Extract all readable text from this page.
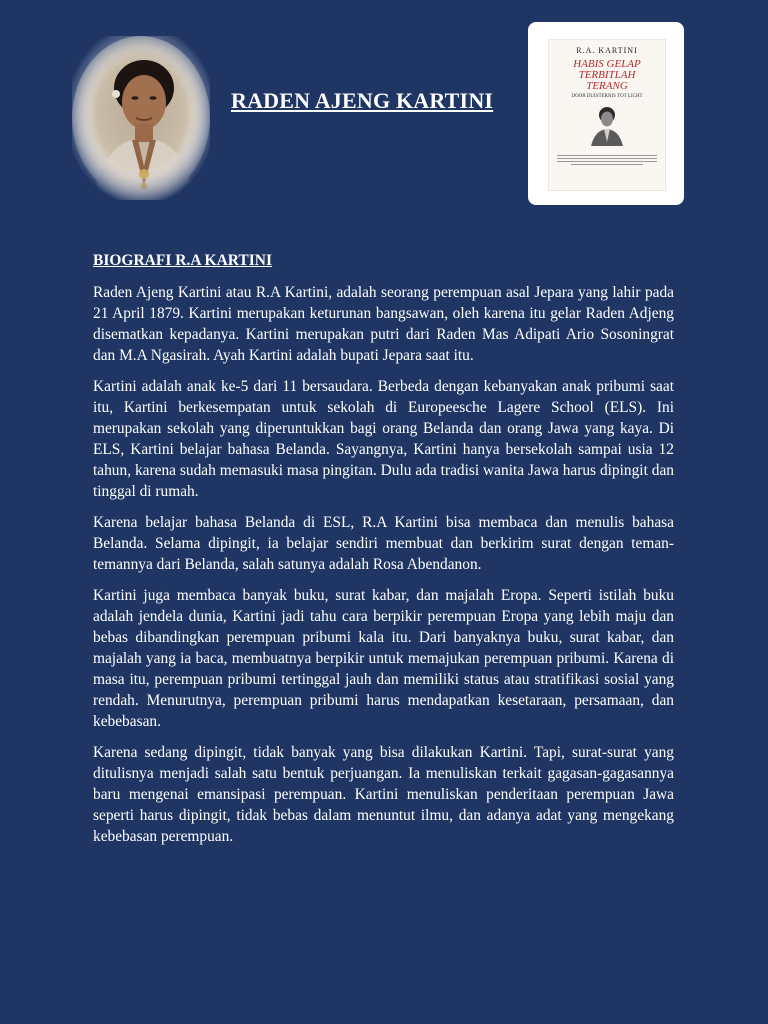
RADEN AJENG KARTINI
R.A. KARTINI
HABIS GELAP
TERBITLAH
TERANG
DOOR DUISTERNIS TOT LICHT
BIOGRAFI R.A KARTINI

Raden Ajeng Kartini atau R.A Kartini, adalah seorang perempuan asal Jepara yang lahir pada 21 April 1879. Kartini merupakan keturunan bangsawan, oleh karena itu gelar Raden Adjeng disematkan kepadanya. Kartini merupakan putri dari Raden Mas Adipati Ario Sosoningrat dan M.A Ngasirah. Ayah Kartini adalah bupati Jepara saat itu.

Kartini adalah anak ke-5 dari 11 bersaudara. Berbeda dengan kebanyakan anak pribumi saat itu, Kartini berkesempatan untuk sekolah di Europeesche Lagere School (ELS). Ini merupakan sekolah yang diperuntukkan bagi orang Belanda dan orang Jawa yang kaya. Di ELS, Kartini belajar bahasa Belanda. Sayangnya, Kartini hanya bersekolah sampai usia 12 tahun, karena sudah memasuki masa pingitan. Dulu ada tradisi wanita Jawa harus dipingit dan tinggal di rumah.

Karena belajar bahasa Belanda di ESL, R.A Kartini bisa membaca dan menulis bahasa Belanda. Selama dipingit, ia belajar sendiri membuat dan berkirim surat dengan teman-temannya dari Belanda, salah satunya adalah Rosa Abendanon.

Kartini juga membaca banyak buku, surat kabar, dan majalah Eropa. Seperti istilah buku adalah jendela dunia, Kartini jadi tahu cara berpikir perempuan Eropa yang lebih maju dan bebas dibandingkan perempuan pribumi kala itu. Dari banyaknya buku, surat kabar, dan majalah yang ia baca, membuatnya berpikir untuk memajukan perempuan pribumi. Karena di masa itu, perempuan pribumi tertinggal jauh dan memiliki status atau stratifikasi sosial yang rendah. Menurutnya, perempuan pribumi harus mendapatkan kesetaraan, persamaan, dan kebebasan.

Karena sedang dipingit, tidak banyak yang bisa dilakukan Kartini. Tapi, surat-surat yang ditulisnya menjadi salah satu bentuk perjuangan. Ia menuliskan terkait gagasan-gagasannya baru mengenai emansipasi perempuan. Kartini menuliskan penderitaan perempuan Jawa seperti harus dipingit, tidak bebas dalam menuntut ilmu, dan adanya adat yang mengekang kebebasan perempuan.
